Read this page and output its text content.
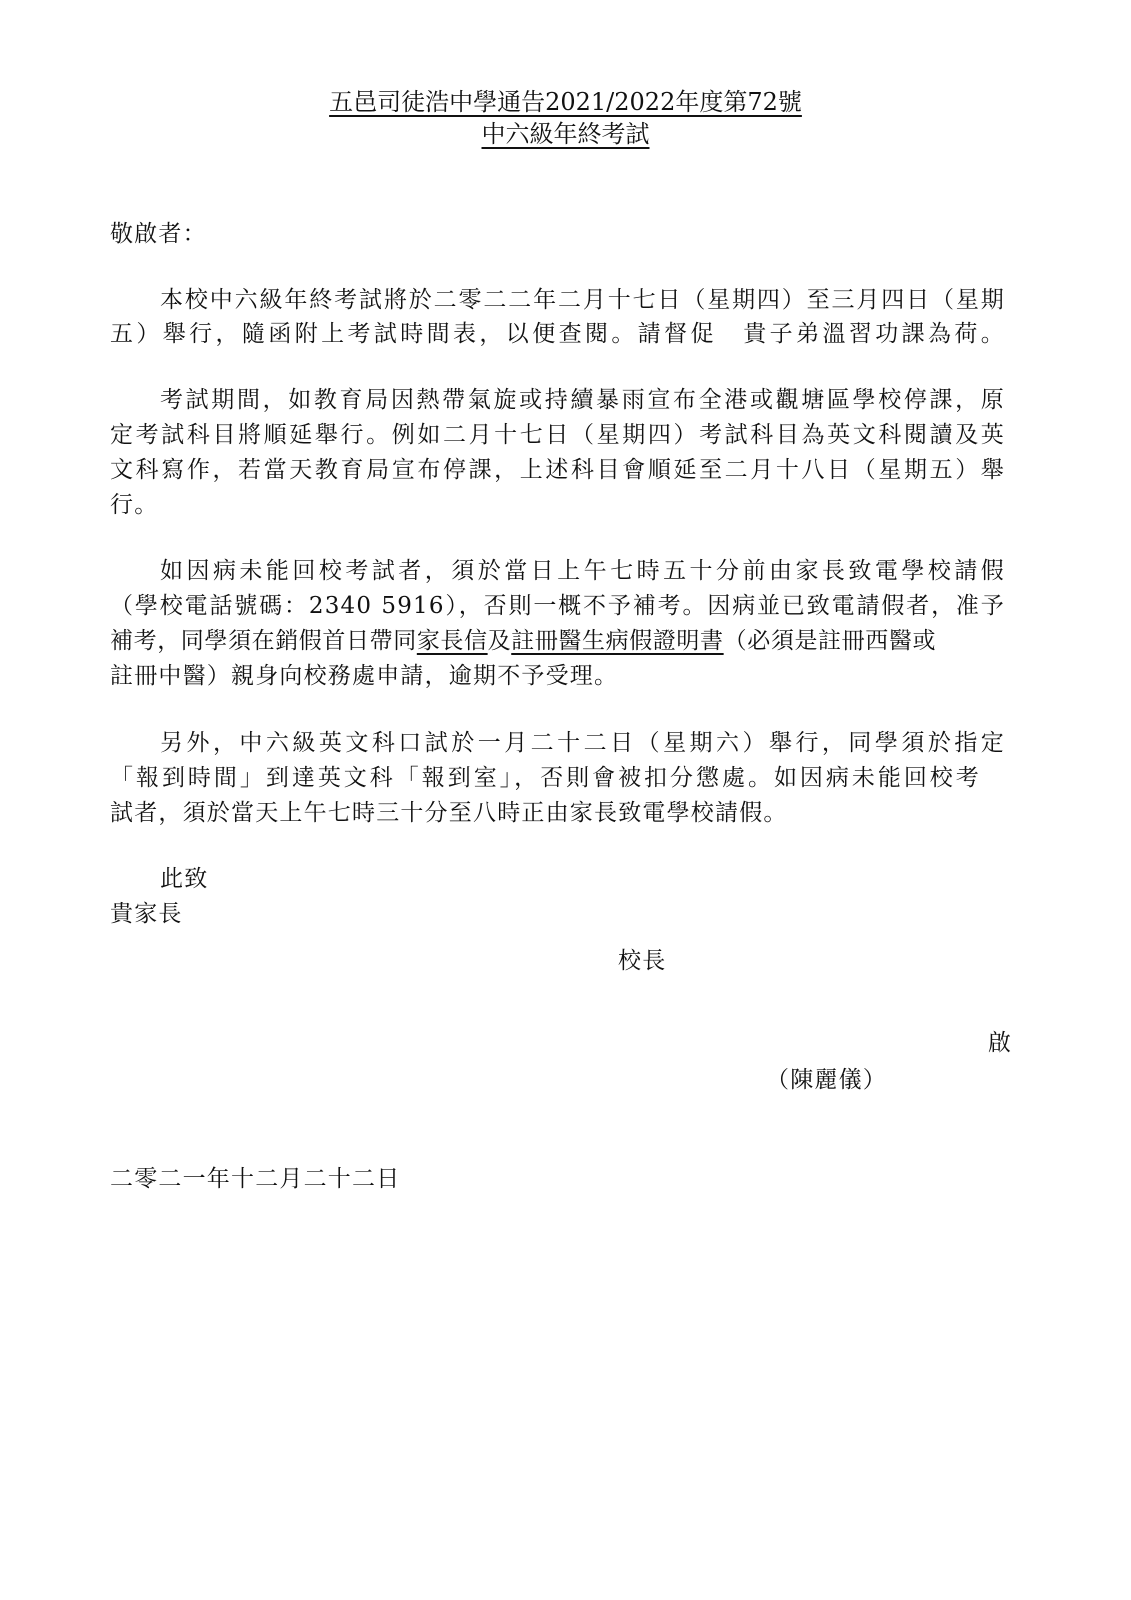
五邑司徒浩中學通告2021/2022年度第72號
中六級年終考試
敬啟者：
本校中六級年終考試將於二零二二年二月十七日（星期四）至三月四日（星期
五）舉行，隨函附上考試時間表，以便查閱。請督促　貴子弟溫習功課為荷。
考試期間，如教育局因熱帶氣旋或持續暴雨宣布全港或觀塘區學校停課，原
定考試科目將順延舉行。例如二月十七日（星期四）考試科目為英文科閱讀及英
文科寫作，若當天教育局宣布停課，上述科目會順延至二月十八日（星期五）舉
行。
如因病未能回校考試者，須於當日上午七時五十分前由家長致電學校請假
（學校電話號碼：2340 5916），否則一概不予補考。因病並已致電請假者，准予
補考，同學須在銷假首日帶同家長信及註冊醫生病假證明書（必須是註冊西醫或
註冊中醫）親身向校務處申請，逾期不予受理。
另外，中六級英文科口試於一月二十二日（星期六）舉行，同學須於指定
「報到時間」到達英文科「報到室」，否則會被扣分懲處。如因病未能回校考
試者，須於當天上午七時三十分至八時正由家長致電學校請假。
此致
貴家長
校長
啟
（陳麗儀）
二零二一年十二月二十二日
